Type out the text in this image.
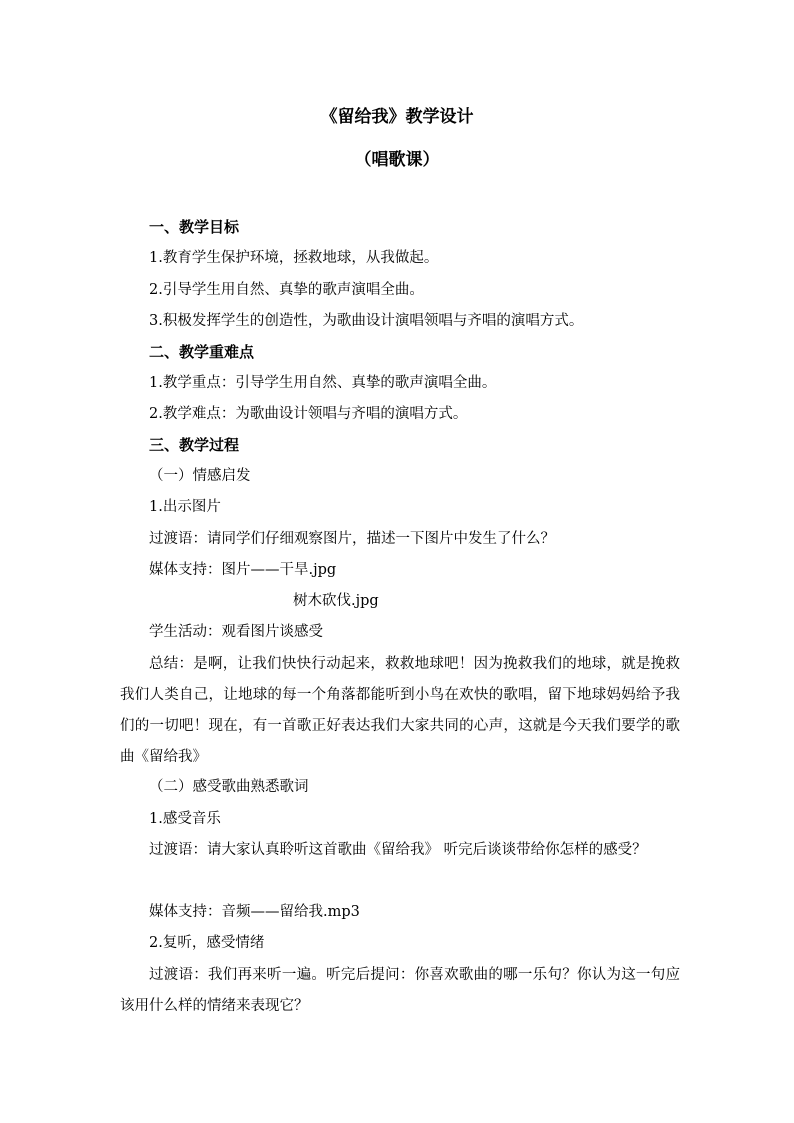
《留给我》教学设计
（唱歌课）
一、教学目标
1.教育学生保护环境，拯救地球，从我做起。
2.引导学生用自然、真挚的歌声演唱全曲。
3.积极发挥学生的创造性，为歌曲设计演唱领唱与齐唱的演唱方式。
二、教学重难点
1.教学重点：引导学生用自然、真挚的歌声演唱全曲。
2.教学难点：为歌曲设计领唱与齐唱的演唱方式。
三、教学过程
（一）情感启发
1.出示图片
过渡语：请同学们仔细观察图片，描述一下图片中发生了什么？
媒体支持：图片——干旱.jpg
树木砍伐.jpg
学生活动：观看图片谈感受
总结：是啊，让我们快快行动起来，救救地球吧！因为挽救我们的地球，就是挽救我们人类自己，让地球的每一个角落都能听到小鸟在欢快的歌唱，留下地球妈妈给予我们的一切吧！现在，有一首歌正好表达我们大家共同的心声，这就是今天我们要学的歌曲《留给我》
（二）感受歌曲熟悉歌词
1.感受音乐
过渡语：请大家认真聆听这首歌曲《留给我》 听完后谈谈带给你怎样的感受？
媒体支持：音频——留给我.mp3
2.复听，感受情绪
过渡语：我们再来听一遍。听完后提问：你喜欢歌曲的哪一乐句？你认为这一句应该用什么样的情绪来表现它？
